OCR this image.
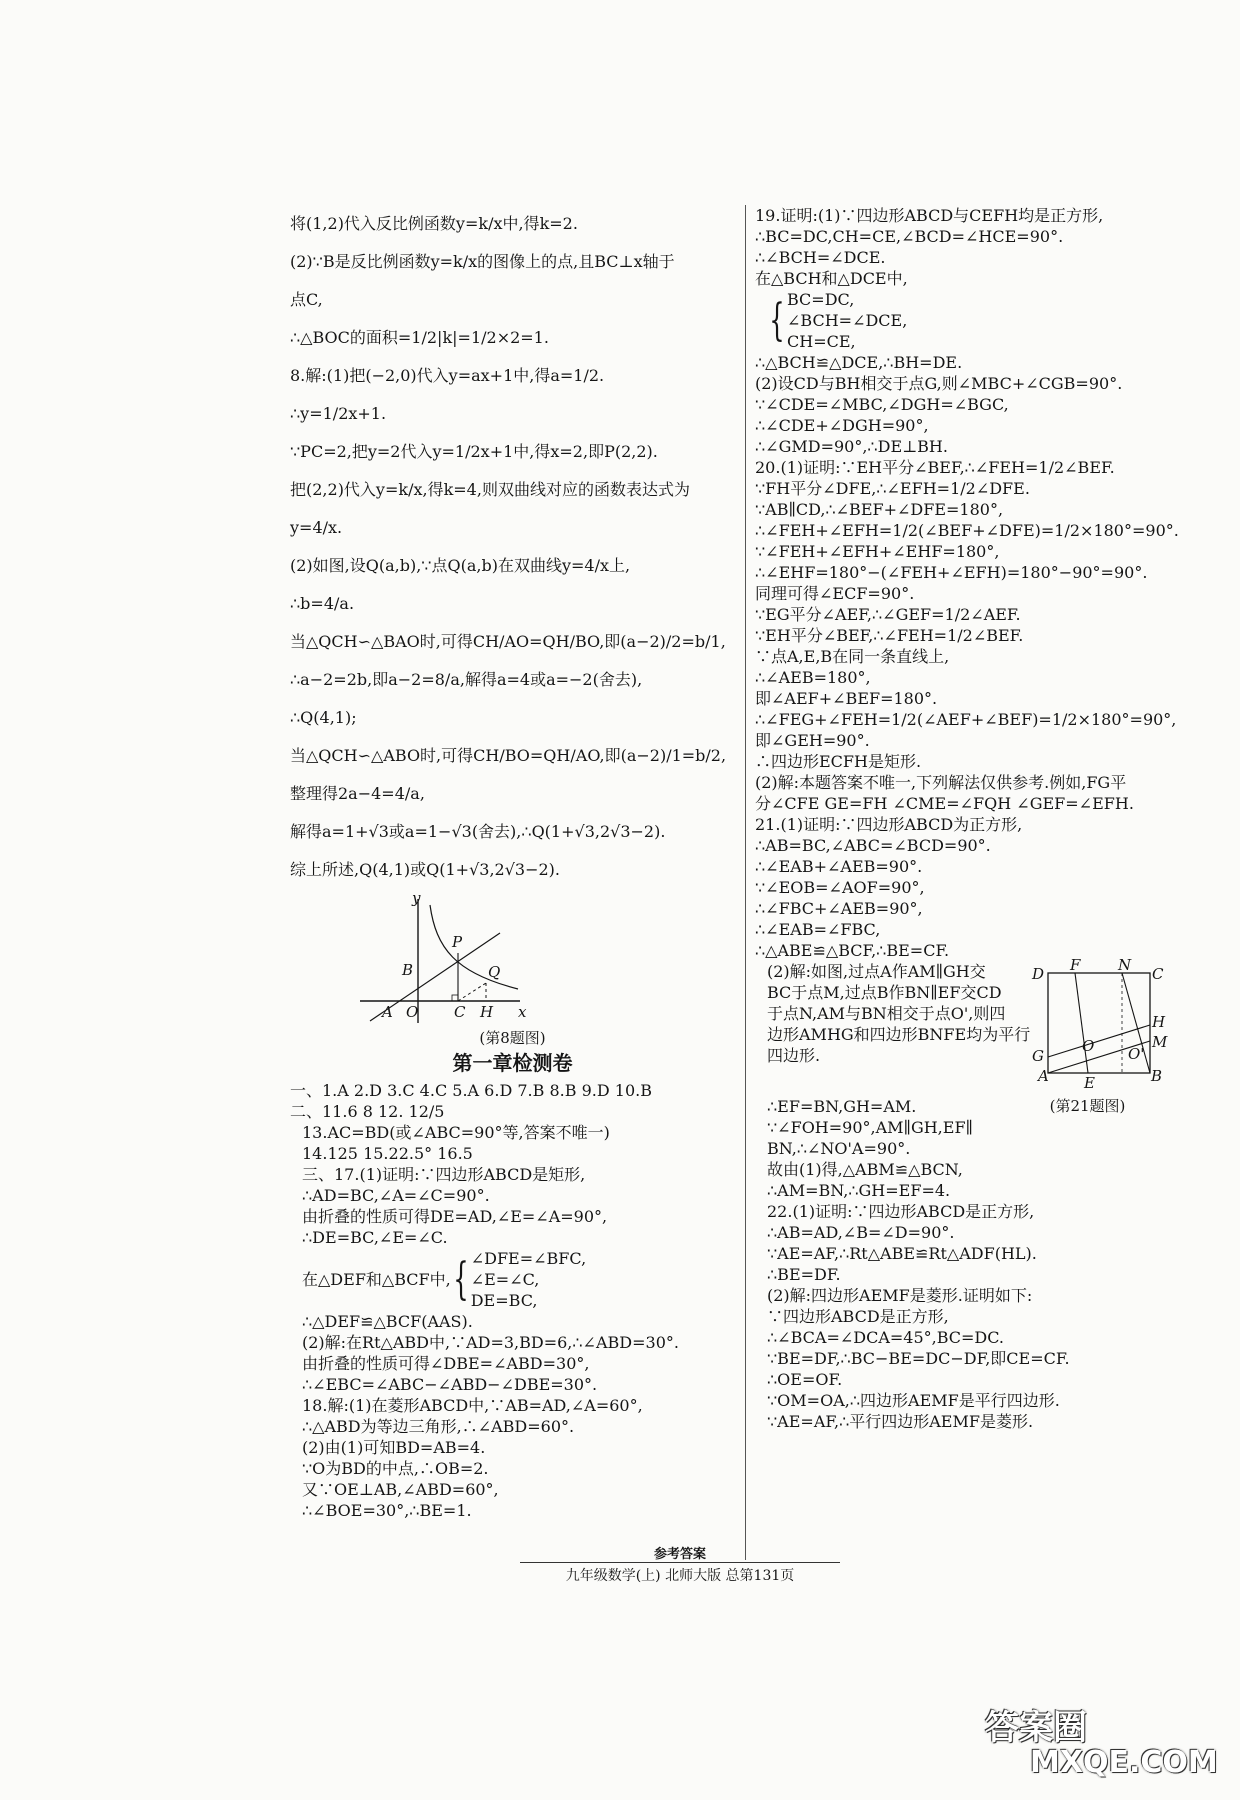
将(1,2)代入反比例函数y=k/x中,得k=2.
(2)∵B是反比例函数y=k/x的图像上的点,且BC⊥x轴于
点C,
∴△BOC的面积=1/2|k|=1/2×2=1.
8.解:(1)把(−2,0)代入y=ax+1中,得a=1/2.
∴y=1/2x+1.
∵PC=2,把y=2代入y=1/2x+1中,得x=2,即P(2,2).
把(2,2)代入y=k/x,得k=4,则双曲线对应的函数表达式为
y=4/x.
(2)如图,设Q(a,b),∵点Q(a,b)在双曲线y=4/x上,
∴b=4/a.
当△QCH∽△BAO时,可得CH/AO=QH/BO,即(a−2)/2=b/1,
∴a−2=2b,即a−2=8/a,解得a=4或a=−2(舍去),
∴Q(4,1);
当△QCH∽△ABO时,可得CH/BO=QH/AO,即(a−2)/1=b/2,
整理得2a−4=4/a,
解得a=1+√3或a=1−√3(舍去),∴Q(1+√3,2√3−2).
综上所述,Q(4,1)或Q(1+√3,2√3−2).
y
x
A O
B
C H
P
Q
(第8题图)
第一章检测卷
一、1.A 2.D 3.C 4.C 5.A 6.D 7.B 8.B 9.D 10.B
二、11.6 8 12. 12/5
13.AC=BD(或∠ABC=90°等,答案不唯一)
14.125 15.22.5° 16.5
三、17.(1)证明:∵四边形ABCD是矩形,
∴AD=BC,∠A=∠C=90°.
由折叠的性质可得DE=AD,∠E=∠A=90°,
∴DE=BC,∠E=∠C.
在△DEF和△BCF中, { ∠DFE=∠BFC,
∠E=∠C,
DE=BC,
∴△DEF≌△BCF(AAS).
(2)解:在Rt△ABD中,∵AD=3,BD=6,∴∠ABD=30°.
由折叠的性质可得∠DBE=∠ABD=30°,
∴∠EBC=∠ABC−∠ABD−∠DBE=30°.
18.解:(1)在菱形ABCD中,∵AB=AD,∠A=60°,
∴△ABD为等边三角形,∴∠ABD=60°.
(2)由(1)可知BD=AB=4.
∵O为BD的中点,∴OB=2.
又∵OE⊥AB,∠ABD=60°,
∴∠BOE=30°,∴BE=1.
19.证明:(1)∵四边形ABCD与CEFH均是正方形,
∴BC=DC,CH=CE,∠BCD=∠HCE=90°.
∴∠BCH=∠DCE.
在△BCH和△DCE中,
{ BC=DC,
∠BCH=∠DCE,
CH=CE,
∴△BCH≌△DCE,∴BH=DE.
(2)设CD与BH相交于点G,则∠MBC+∠CGB=90°.
∵∠CDE=∠MBC,∠DGH=∠BGC,
∴∠CDE+∠DGH=90°,
∴∠GMD=90°,∴DE⊥BH.
20.(1)证明:∵EH平分∠BEF,∴∠FEH=1/2∠BEF.
∵FH平分∠DFE,∴∠EFH=1/2∠DFE.
∵AB∥CD,∴∠BEF+∠DFE=180°,
∴∠FEH+∠EFH=1/2(∠BEF+∠DFE)=1/2×180°=90°.
∵∠FEH+∠EFH+∠EHF=180°,
∴∠EHF=180°−(∠FEH+∠EFH)=180°−90°=90°.
同理可得∠ECF=90°.
∵EG平分∠AEF,∴∠GEF=1/2∠AEF.
∵EH平分∠BEF,∴∠FEH=1/2∠BEF.
∵点A,E,B在同一条直线上,
∴∠AEB=180°,
即∠AEF+∠BEF=180°.
∴∠FEG+∠FEH=1/2(∠AEF+∠BEF)=1/2×180°=90°,
即∠GEH=90°.
∴四边形ECFH是矩形.
(2)解:本题答案不唯一,下列解法仅供参考.例如,FG平
分∠CFE GE=FH ∠CME=∠FQH ∠GEF=∠EFH.
21.(1)证明:∵四边形ABCD为正方形,
∴AB=BC,∠ABC=∠BCD=90°.
∴∠EAB+∠AEB=90°.
∵∠EOB=∠AOF=90°,
∴∠FBC+∠AEB=90°,
∴∠EAB=∠FBC,
∴△ABE≌△BCF,∴BE=CF.
(2)解:如图,过点A作AM∥GH交
BC于点M,过点B作BN∥EF交CD
于点N,AM与BN相交于点O',则四
边形AMHG和四边形BNFE均为平行
四边形.
D F	N C
H
M
G
O O'
A E	B
∴EF=BN,GH=AM.
∵∠FOH=90°,AM∥GH,EF∥
BN,∴∠NO'A=90°.
(第21题图)
故由(1)得,△ABM≌△BCN,
∴AM=BN,∴GH=EF=4.
22.(1)证明:∵四边形ABCD是正方形,
∴AB=AD,∠B=∠D=90°.
∵AE=AF,∴Rt△ABE≌Rt△ADF(HL).
∴BE=DF.
(2)解:四边形AEMF是菱形.证明如下:
∵四边形ABCD是正方形,
∴∠BCA=∠DCA=45°,BC=DC.
∵BE=DF,∴BC−BE=DC−DF,即CE=CF.
∴OE=OF.
∵OM=OA,∴四边形AEMF是平行四边形.
∵AE=AF,∴平行四边形AEMF是菱形.
参考答案
九年级数学(上) 北师大版 总第131页
答案圈
MXQE.COM
